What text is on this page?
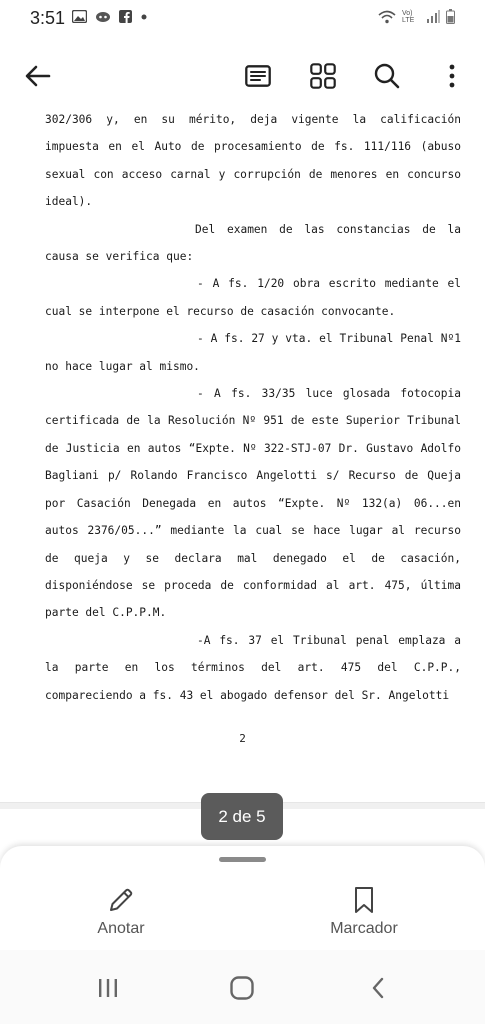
3:51	Vo) LTE

302/306 y, en su mérito, deja vigente la calificación impuesta en el Auto de procesamiento de fs. 111/116 (abuso sexual con acceso carnal y corrupción de menores en concurso ideal).

Del examen de las constancias de la causa se verifica que:

- A fs. 1/20 obra escrito mediante el cual se interpone el recurso de casación convocante.

- A fs. 27 y vta. el Tribunal Penal Nº1 no hace lugar al mismo.

- A fs. 33/35 luce glosada fotocopia certificada de la Resolución Nº 951 de este Superior Tribunal de Justicia en autos “Expte. Nº 322-STJ-07 Dr. Gustavo Adolfo Bagliani p/ Rolando Francisco Angelotti s/ Recurso de Queja por Casación Denegada en autos “Expte. Nº 132(a) 06...en autos 2376/05...” mediante la cual se hace lugar al recurso de queja y se declara mal denegado el de casación, disponiéndose se proceda de conformidad al art. 475, última parte del C.P.P.M.

-A fs. 37 el Tribunal penal emplaza a la parte en los términos del art. 475 del C.P.P., compareciendo a fs. 43 el abogado defensor del Sr. Angelotti

2
2 de 5
Anotar	Marcador
